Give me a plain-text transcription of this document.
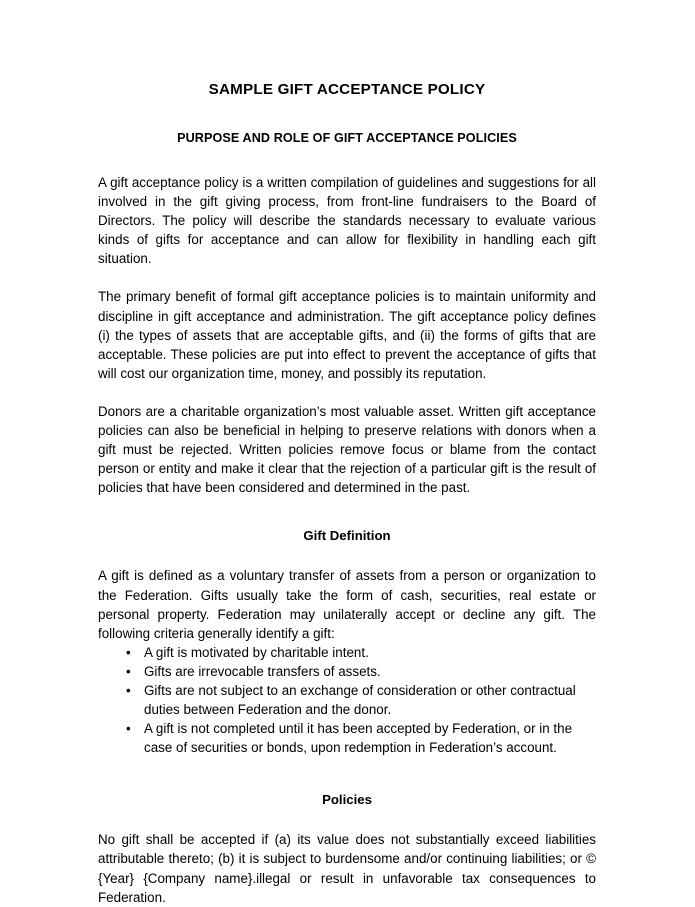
SAMPLE GIFT ACCEPTANCE POLICY
PURPOSE AND ROLE OF GIFT ACCEPTANCE POLICIES

A gift acceptance policy is a written compilation of guidelines and suggestions for all involved in the gift giving process, from front-line fundraisers to the Board of Directors. The policy will describe the standards necessary to evaluate various kinds of gifts for acceptance and can allow for flexibility in handling each gift situation.

The primary benefit of formal gift acceptance policies is to maintain uniformity and discipline in gift acceptance and administration. The gift acceptance policy defines (i) the types of assets that are acceptable gifts, and (ii) the forms of gifts that are acceptable. These policies are put into effect to prevent the acceptance of gifts that will cost our organization time, money, and possibly its reputation.

Donors are a charitable organization’s most valuable asset. Written gift acceptance policies can also be beneficial in helping to preserve relations with donors when a gift must be rejected. Written policies remove focus or blame from the contact person or entity and make it clear that the rejection of a particular gift is the result of policies that have been considered and determined in the past.

Gift Definition

A gift is defined as a voluntary transfer of assets from a person or organization to the Federation. Gifts usually take the form of cash, securities, real estate or personal property. Federation may unilaterally accept or decline any gift. The following criteria generally identify a gift:

• A gift is motivated by charitable intent.
• Gifts are irrevocable transfers of assets.
• Gifts are not subject to an exchange of consideration or other contractual duties between Federation and the donor.
• A gift is not completed until it has been accepted by Federation, or in the case of securities or bonds, upon redemption in Federation’s account.
Policies

No gift shall be accepted if (a) its value does not substantially exceed liabilities attributable thereto; (b) it is subject to burdensome and/or continuing liabilities; or © {Year} {Company name}.illegal or result in unfavorable tax consequences to Federation.
